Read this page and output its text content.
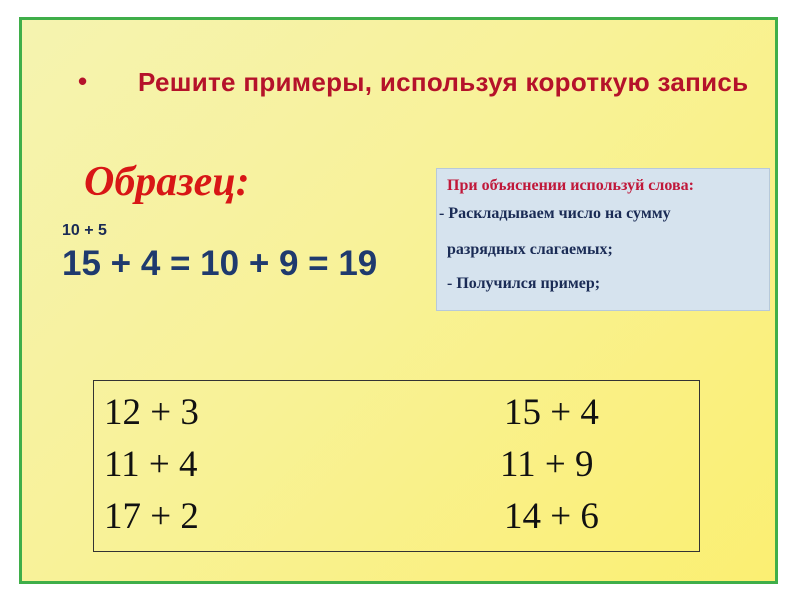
• Решите примеры, используя короткую запись
Образец:
10 + 5
15 + 4 = 10 + 9 = 19
При объяснении используй слова:
- Раскладываем число на сумму
разрядных слагаемых;
- Получился пример;
12 + 3
11 + 4
17 + 2
15 + 4
11 + 9
14 + 6
